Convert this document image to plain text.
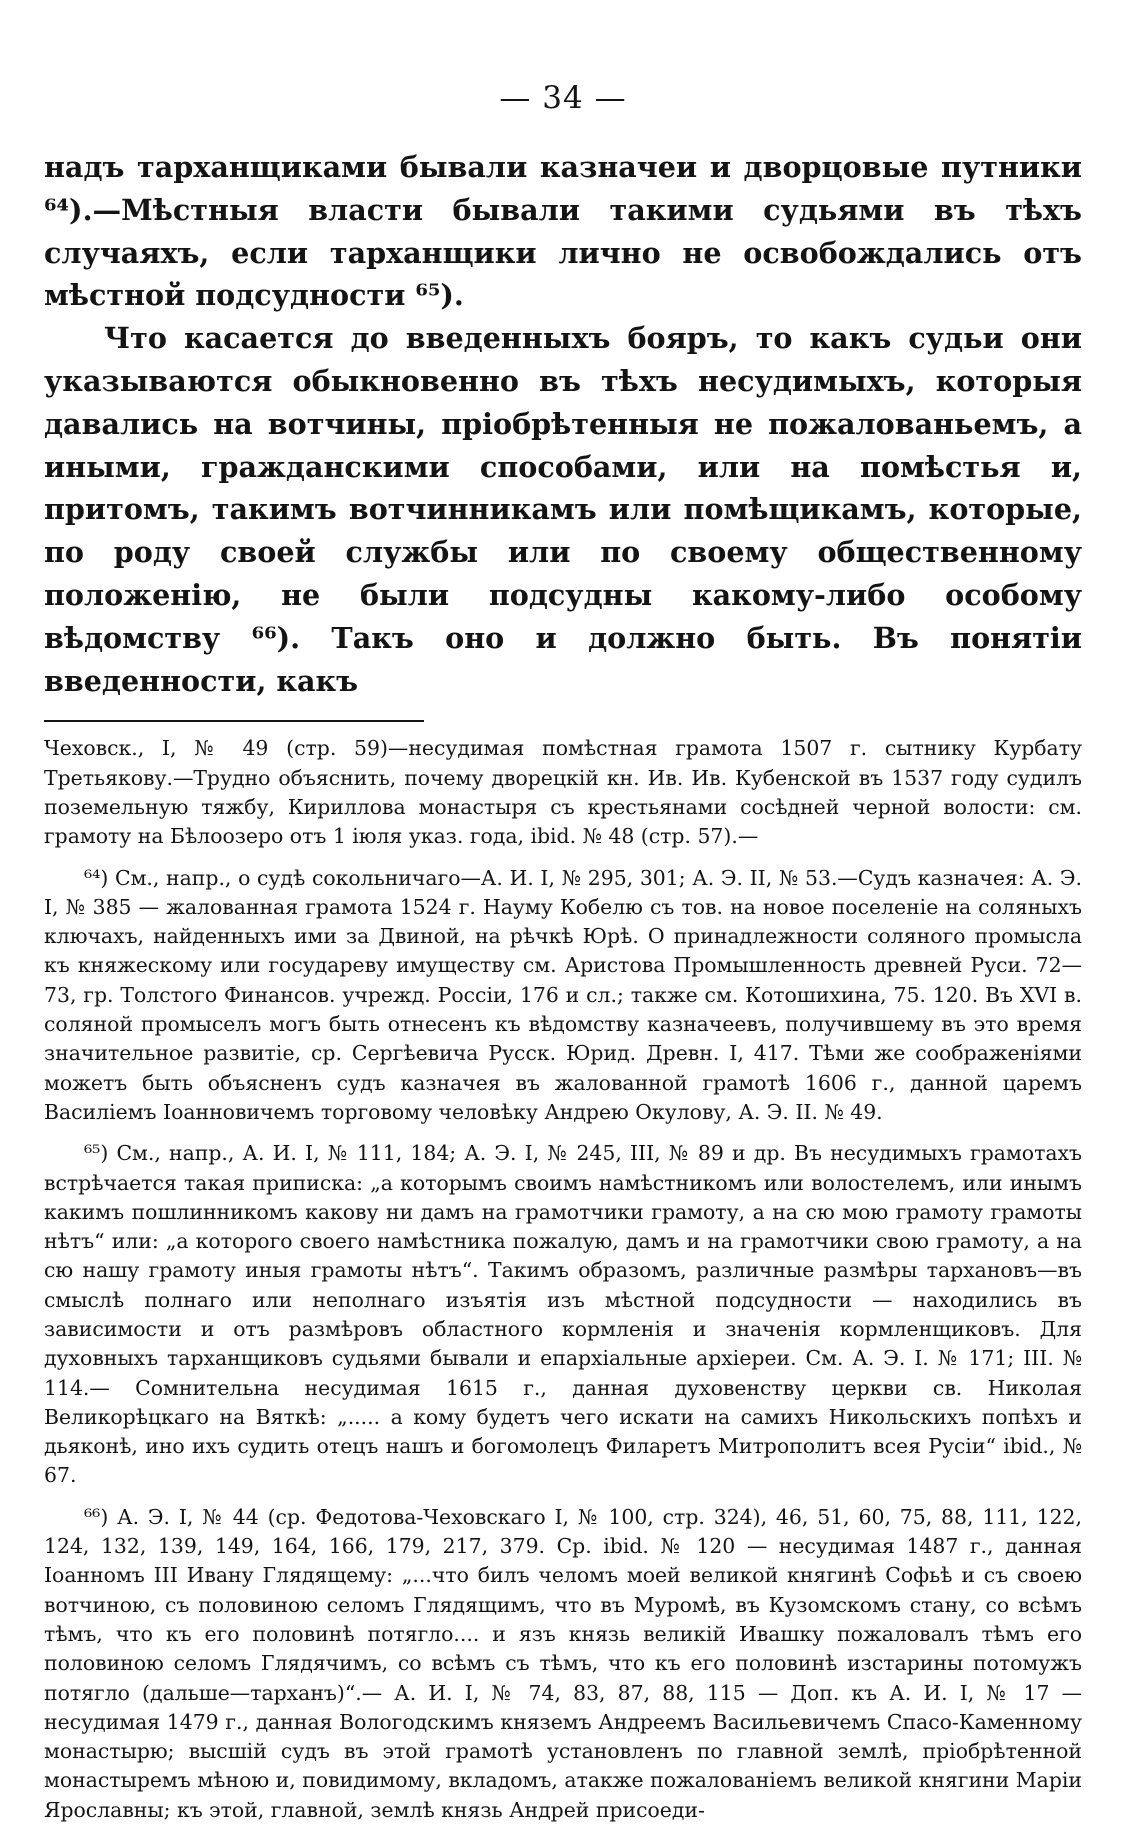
— 34 —

надъ тарханщиками бывали казначеи и дворцовые путники ⁶⁴).—Мѣстныя власти бывали такими судьями въ тѣхъ случаяхъ, если тарханщики лично не освобождались отъ мѣстной подсудности ⁶⁵).

Что касается до введенныхъ бояръ, то какъ судьи они указываются обыкновенно въ тѣхъ несудимыхъ, которыя давались на вотчины, пріобрѣтенныя не пожалованьемъ, а иными, гражданскими способами, или на помѣстья и, притомъ, такимъ вотчинникамъ или помѣщикамъ, которые, по роду своей службы или по своему общественному положенію, не были подсудны какому-либо особому вѣдомству ⁶⁶). Такъ оно и должно быть. Въ понятіи введенности, какъ

Чеховск., I, № 49 (стр. 59)—несудимая помѣстная грамота 1507 г. сытнику Курбату Третьякову.—Трудно объяснить, почему дворецкій кн. Ив. Ив. Кубенской въ 1537 году судилъ поземельную тяжбу, Кириллова монастыря съ крестьянами сосѣдней черной волости: см. грамоту на Бѣлоозеро отъ 1 іюля указ. года, ibid. № 48 (стр. 57).—

⁶⁴) См., напр., о судѣ сокольничаго—А. И. I, № 295, 301; А. Э. II, № 53.—Судъ казначея: А. Э. I, № 385 — жалованная грамота 1524 г. Науму Кобелю съ тов. на новое поселеніе на соляныхъ ключахъ, найденныхъ ими за Двиной, на рѣчкѣ Юрѣ. О принадлежности соляного промысла къ княжескому или государеву имуществу см. Аристова Промышленность древней Руси. 72—73, гр. Толстого Финансов. учрежд. Россіи, 176 и сл.; также см. Котошихина, 75. 120. Въ XVI в. соляной промыселъ могъ быть отнесенъ къ вѣдомству казначеевъ, получившему въ это время значительное развитіе, ср. Сергѣевича Русск. Юрид. Древн. I, 417. Тѣми же соображеніями можетъ быть объясненъ судъ казначея въ жалованной грамотѣ 1606 г., данной царемъ Василіемъ Іоанновичемъ торговому человѣку Андрею Окулову, А. Э. II. № 49.

⁶⁵) См., напр., А. И. I, № 111, 184; А. Э. I, № 245, III, № 89 и др. Въ несудимыхъ грамотахъ встрѣчается такая приписка: „а которымъ своимъ намѣстникомъ или волостелемъ, или инымъ какимъ пошлинникомъ какову ни дамъ на грамотчики грамоту, а на сю мою грамоту грамоты нѣтъ“ или: „а которого своего намѣстника пожалую, дамъ и на грамотчики свою грамоту, а на сю нашу грамоту иныя грамоты нѣтъ“. Такимъ образомъ, различные размѣры тархановъ—въ смыслѣ полнаго или неполнаго изъятія изъ мѣстной подсудности — находились въ зависимости и отъ размѣровъ областного кормленія и значенія кормленщиковъ. Для духовныхъ тарханщиковъ судьями бывали и епархіальные архіереи. См. А. Э. I. № 171; III. № 114.— Сомнительна несудимая 1615 г., данная духовенству церкви св. Николая Великорѣцкаго на Вяткѣ: „..... а кому будетъ чего искати на самихъ Никольскихъ попѣхъ и дьяконѣ, ино ихъ судить отецъ нашъ и богомолецъ Филаретъ Митрополитъ всея Русіи“ ibid., № 67.

⁶⁶) А. Э. I, № 44 (ср. Федотова-Чеховскаго I, № 100, стр. 324), 46, 51, 60, 75, 88, 111, 122, 124, 132, 139, 149, 164, 166, 179, 217, 379. Ср. ibid. № 120 — несудимая 1487 г., данная Іоанномъ III Ивану Глядящему: „...что билъ челомъ моей великой княгинѣ Софьѣ и съ своею вотчиною, съ половиною селомъ Глядящимъ, что въ Муромѣ, въ Кузомскомъ стану, со всѣмъ тѣмъ, что къ его половинѣ потягло.... и язъ князь великій Ивашку пожаловалъ тѣмъ его половиною селомъ Глядячимъ, со всѣмъ съ тѣмъ, что къ его половинѣ изстарины потомужъ потягло (дальше—тарханъ)“.— А. И. I, № 74, 83, 87, 88, 115 — Доп. къ А. И. I, № 17 — несудимая 1479 г., данная Вологодскимъ княземъ Андреемъ Васильевичемъ Спасо-Каменному монастырю; высшій судъ въ этой грамотѣ установленъ по главной землѣ, пріобрѣтенной монастыремъ мѣною и, повидимому, вкладомъ, атакже пожалованіемъ великой княгини Маріи Ярославны; къ этой, главной, землѣ князь Андрей присоеди-
